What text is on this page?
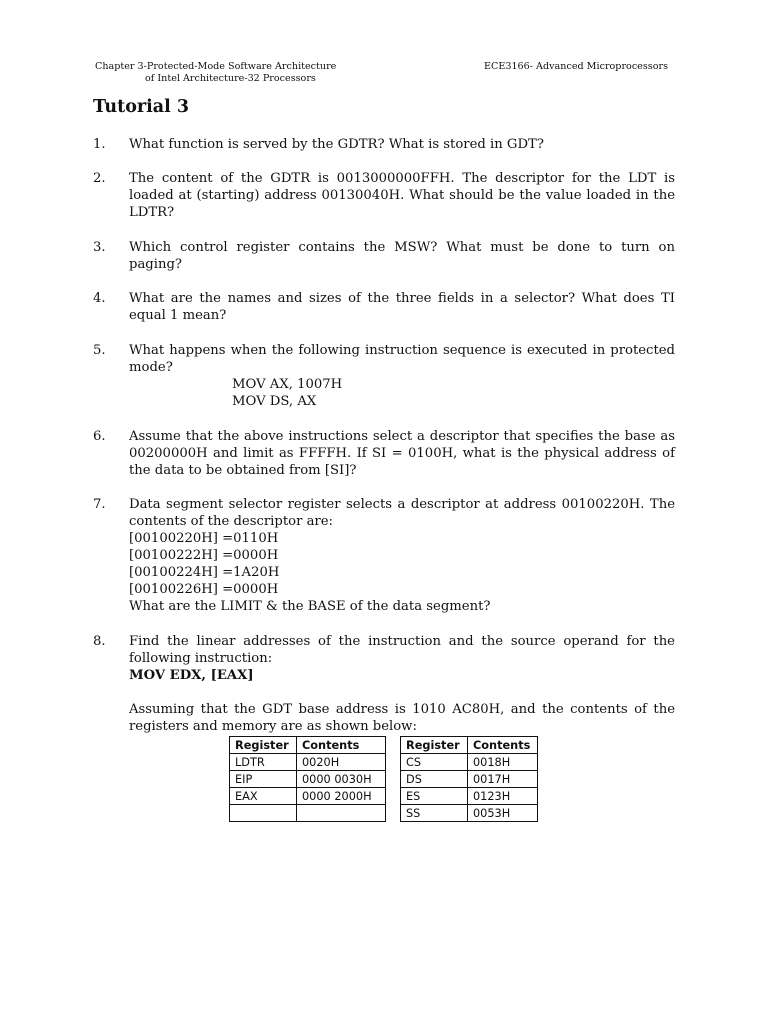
Chapter 3-Protected-Mode Software Architecture
of Intel Architecture-32 Processors
ECE3166- Advanced Microprocessors
Tutorial 3
1.	What function is served by the GDTR? What is stored in GDT?

2.	The content of the GDTR is 0013000000FFH. The descriptor for the LDT is loaded at (starting) address 00130040H. What should be the value loaded in the LDTR?

3.	Which control register contains the MSW? What must be done to turn on paging?

4.	What are the names and sizes of the three fields in a selector? What does TI equal 1 mean?

5.	What happens when the following instruction sequence is executed in protected mode?

MOV AX, 1007H
MOV DS, AX
6.	Assume that the above instructions select a descriptor that specifies the base as 00200000H and limit as FFFFH. If SI = 0100H, what is the physical address of the data to be obtained from [SI]?

7.	Data segment selector register selects a descriptor at address 00100220H. The contents of the descriptor are:

[00100220H] =0110H
[00100222H] =0000H
[00100224H] =1A20H
[00100226H] =0000H
What are the LIMIT & the BASE of the data segment?
8.	Find the linear addresses of the instruction and the source operand for the following instruction:

MOV EDX, [EAX]

Assuming that the GDT base address is 1010 AC80H, and the contents of the registers and memory are as shown below:

Register	Contents
LDTR	0020H
EIP	0000 0030H
EAX	0000 2000H

Register	Contents
CS	0018H
DS	0017H
ES	0123H
SS	0053H
